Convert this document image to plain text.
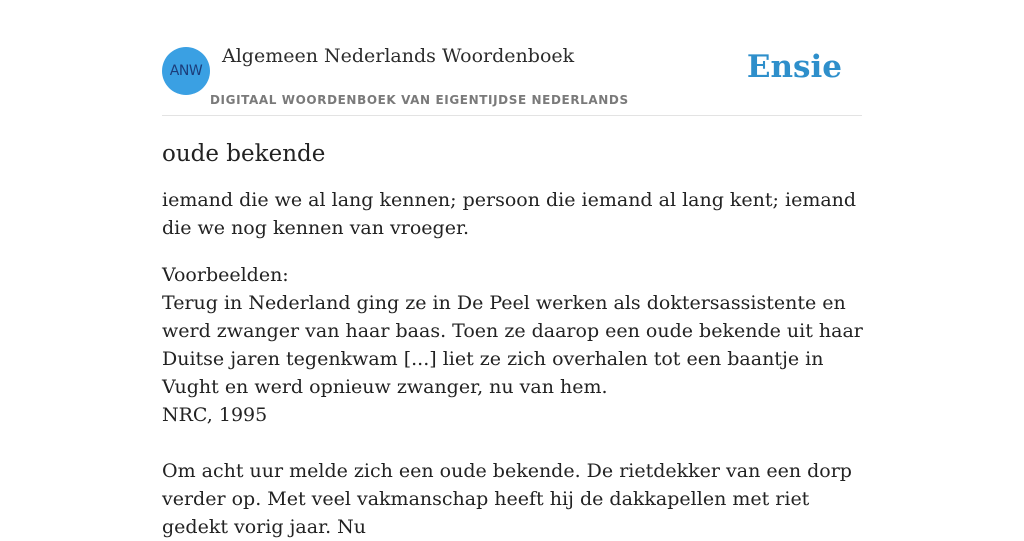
ANW
Algemeen Nederlands Woordenboek
DIGITAAL WOORDENBOEK VAN EIGENTIJDSE NEDERLANDS
Ensie
oude bekende

iemand die we al lang kennen; persoon die iemand al lang kent; iemand die we nog kennen van vroeger.

Voorbeelden:

Terug in Nederland ging ze in De Peel werken als doktersassistente en werd zwanger van haar baas. Toen ze daarop een oude bekende uit haar Duitse jaren tegenkwam [...] liet ze zich overhalen tot een baantje in Vught en werd opnieuw zwanger, nu van hem.

NRC, 1995

Om acht uur melde zich een oude bekende. De rietdekker van een dorp verder op. Met veel vakmanschap heeft hij de dakkapellen met riet gedekt vorig jaar. Nu
